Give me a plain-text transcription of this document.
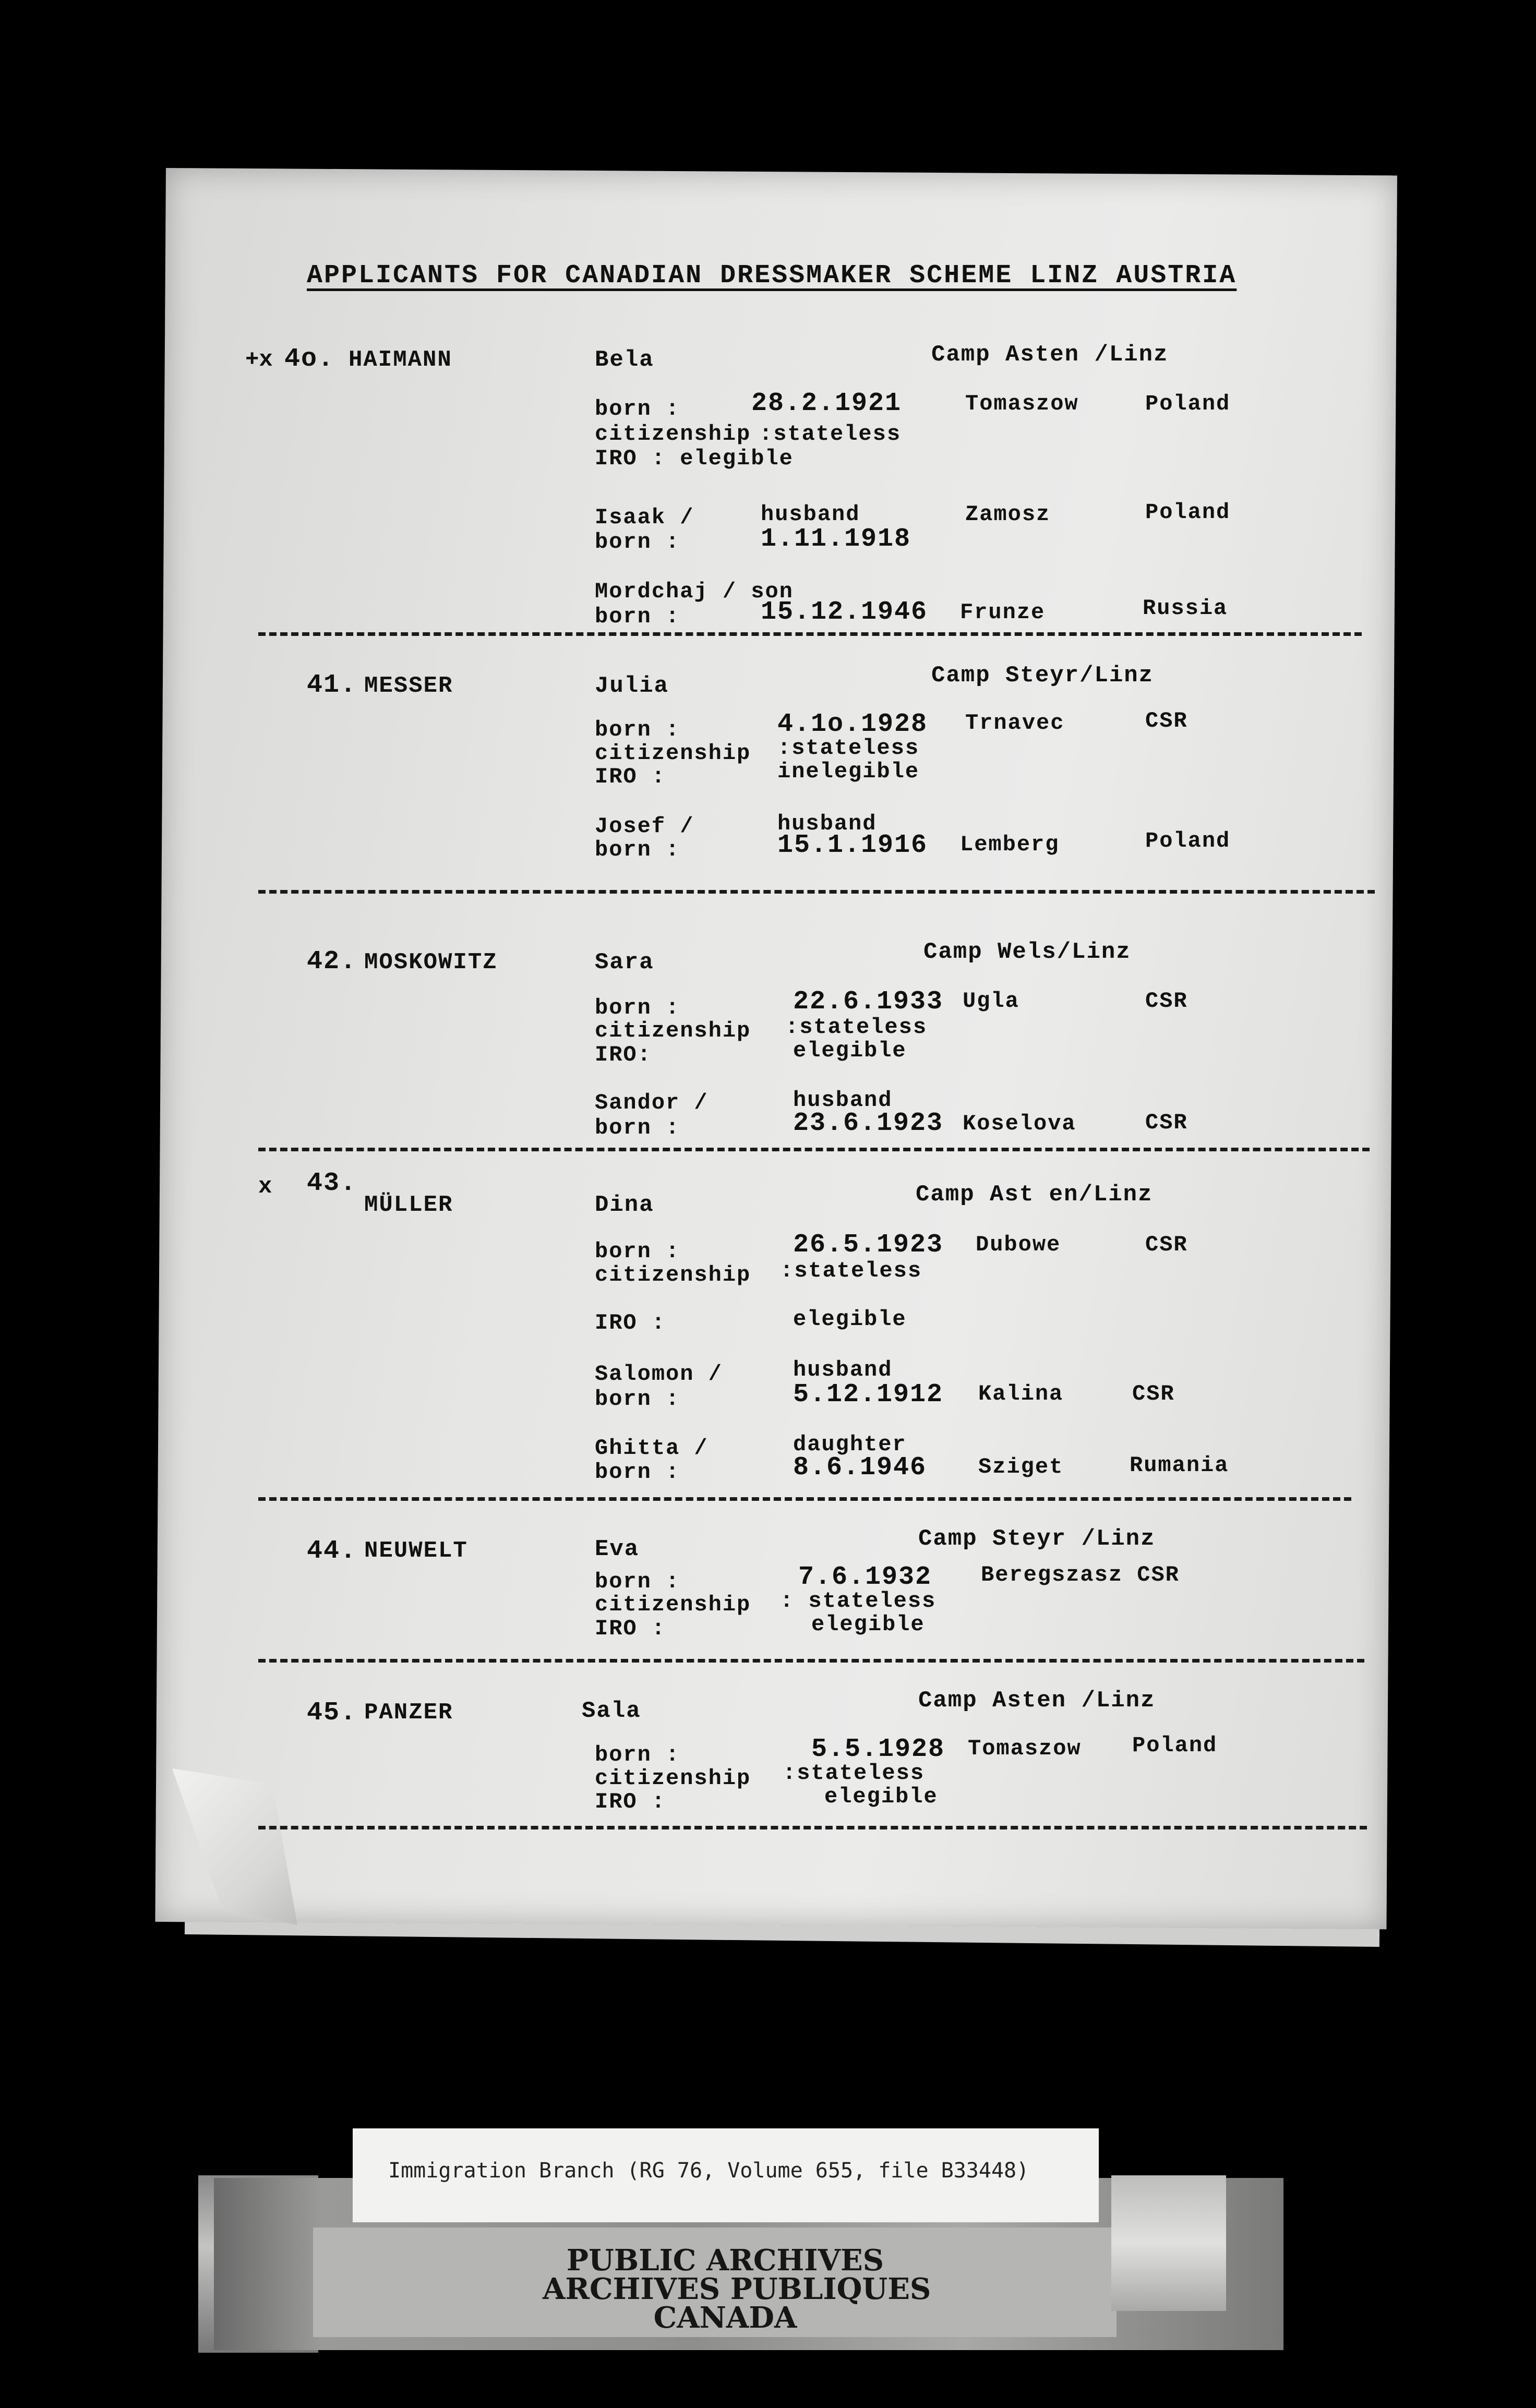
APPLICANTS FOR CANADIAN DRESSMAKER SCHEME LINZ AUSTRIA
+x 4o. HAIMANN	Bela	Camp Asten /Linz
born :	28.2.1921	Tomaszow	Poland
citizenship :stateless
IRO : elegible
Isaak /	husband	Zamosz	Poland
born :	1.11.1918
Mordchaj / son
born :	15.12.1946 Frunze	Russia
41. MESSER	Julia	Camp Steyr/Linz
born :	4.1o.1928 Trnavec	CSR
citizenship :stateless
IRO :	inelegible
Josef /	husband
born :	15.1.1916 Lemberg	Poland
42. MOSKOWITZ	Sara	Camp Wels/Linz
born :	22.6.1933 Ugla	CSR
citizenship :stateless
IRO:	elegible
Sandor /	husband
born :	23.6.1923 Koselova	CSR
x 43.
MÜLLER	Dina	Camp Ast en/Linz
born :	26.5.1923 Dubowe	CSR
citizenship :stateless
IRO :	elegible
Salomon /	husband
born :	5.12.1912 Kalina	CSR
Ghitta /	daughter
born :	8.6.1946 Sziget	Rumania
44. NEUWELT	Eva	Camp Steyr /Linz
born :	7.6.1932 Beregszasz CSR
citizenship : stateless
IRO :	elegible
45. PANZER	Sala	Camp Asten /Linz
born :	5.5.1928 Tomaszow Poland
citizenship :stateless
IRO :	elegible
Immigration Branch (RG 76, Volume 655, file B33448)
PUBLIC ARCHIVES
ARCHIVES PUBLIQUES
CANADA
